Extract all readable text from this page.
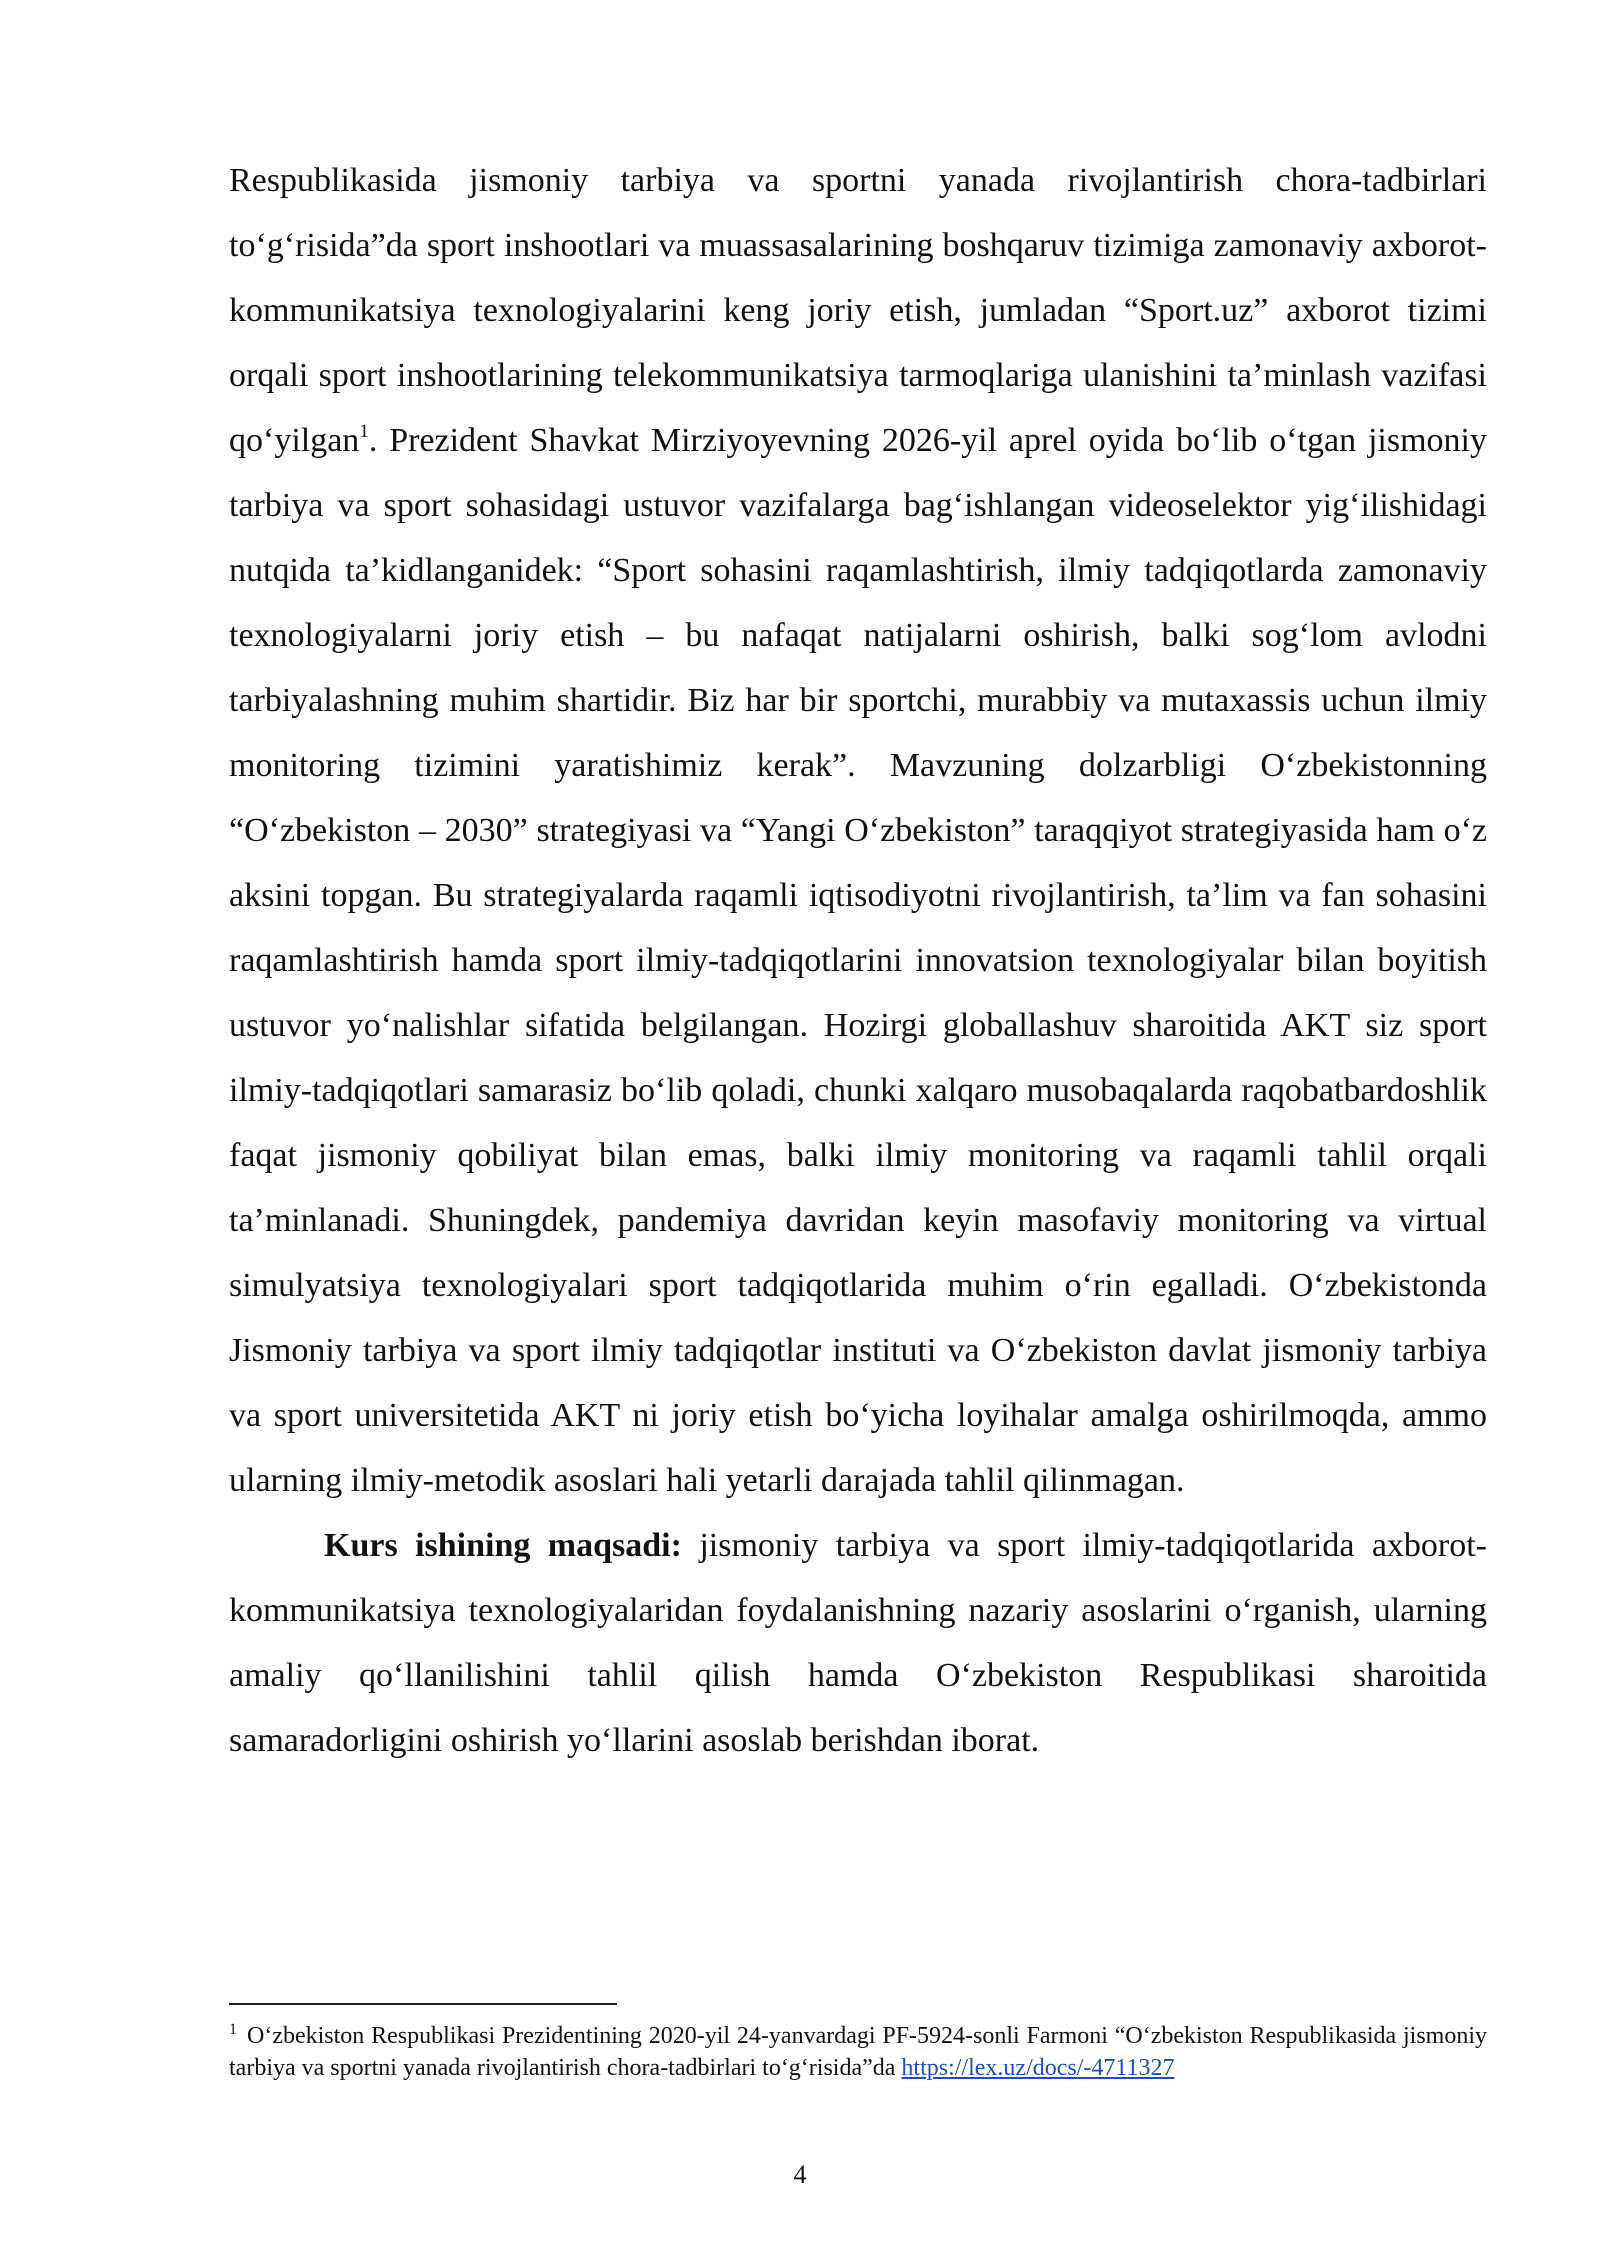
Respublikasida jismoniy tarbiya va sportni yanada rivojlantirish chora-tadbirlari to‘g‘risida”da sport inshootlari va muassasalarining boshqaruv tizimiga zamonaviy axborot-kommunikatsiya texnologiyalarini keng joriy etish, jumladan “Sport.uz” axborot tizimi orqali sport inshootlarining telekommunikatsiya tarmoqlariga ulanishini ta’minlash vazifasi qo‘yilgan$^1$. Prezident Shavkat Mirziyoyevning 2026-yil aprel oyida bo‘lib o‘tgan jismoniy tarbiya va sport sohasidagi ustuvor vazifalarga bag‘ishlangan videoselektor yig‘ilishidagi nutqida ta’kidlanganidek: “Sport sohasini raqamlashtirish, ilmiy tadqiqotlarda zamonaviy texnologiyalarni joriy etish – bu nafaqat natijalarni oshirish, balki sog‘lom avlodni tarbiyalashning muhim shartidir. Biz har bir sportchi, murabbiy va mutaxassis uchun ilmiy monitoring tizimini yaratishimiz kerak”. Mavzuning dolzarbligi O‘zbekistonning “O‘zbekiston – 2030” strategiyasi va “Yangi O‘zbekiston” taraqqiyot strategiyasida ham o‘z aksini topgan. Bu strategiyalarda raqamli iqtisodiyotni rivojlantirish, ta’lim va fan sohasini raqamlashtirish hamda sport ilmiy-tadqiqotlarini innovatsion texnologiyalar bilan boyitish ustuvor yo‘nalishlar sifatida belgilangan. Hozirgi globallashuv sharoitida AKT siz sport ilmiy-tadqiqotlari samarasiz bo‘lib qoladi, chunki xalqaro musobaqalarda raqobatbardoshlik faqat jismoniy qobiliyat bilan emas, balki ilmiy monitoring va raqamli tahlil orqali ta’minlanadi. Shuningdek, pandemiya davridan keyin masofaviy monitoring va virtual simulyatsiya texnologiyalari sport tadqiqotlarida muhim o‘rin egalladi. O‘zbekistonda Jismoniy tarbiya va sport ilmiy tadqiqotlar instituti va O‘zbekiston davlat jismoniy tarbiya va sport universitetida AKT ni joriy etish bo‘yicha loyihalar amalga oshirilmoqda, ammo ularning ilmiy-metodik asoslari hali yetarli darajada tahlil qilinmagan.

Kurs ishining maqsadi: jismoniy tarbiya va sport ilmiy-tadqiqotlarida axborot-kommunikatsiya texnologiyalaridan foydalanishning nazariy asoslarini o‘rganish, ularning amaliy qo‘llanilishini tahlil qilish hamda O‘zbekiston Respublikasi sharoitida samaradorligini oshirish yo‘llarini asoslab berishdan iborat.

$^1$ O‘zbekiston Respublikasi Prezidentining 2020-yil 24-yanvardagi PF-5924-sonli Farmoni “O‘zbekiston Respublikasida jismoniy tarbiya va sportni yanada rivojlantirish chora-tadbirlari to‘g‘risida”da https://lex.uz/docs/-4711327
4
